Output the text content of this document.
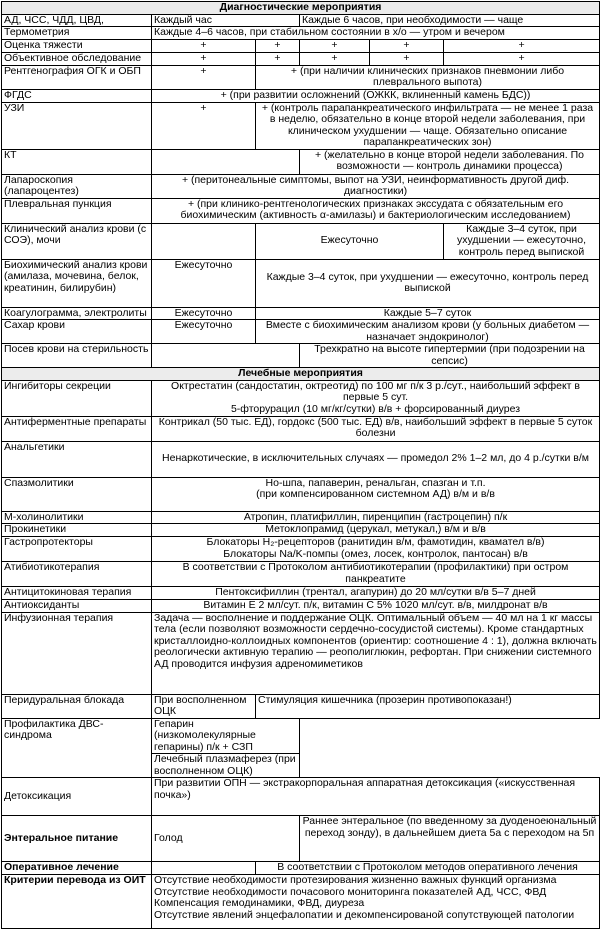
Диагностические мероприятия					
АД, ЧСС, ЧДД, ЦВД,	Каждый час		Каждые 6 часов, при необходимости — чаще		
Термометрия	Каждые 4–6 часов, при стабильном состоянии в х/о — утром и вечером				
Оценка тяжести	+	+	+	+	+
Объективное обследование	+	+	+	+	+
Рентгенография ОГК и ОБП	+	+ (при наличии клинических признаков пневмонии либо плеврального выпота)			
ФГДС	+ (при развитии осложнений (ОЖКК, вклиненный камень БДС))				
УЗИ	+	+ (контроль парапанкреатического инфильтрата — не менее 1 раза в неделю, обязательно в конце второй недели заболевания, при клиническом ухудшении — чаще. Обязательно описание парапанкреатических зон)			
КТ			+ (желательно в конце второй недели заболевания. По возможности — контроль динамики процесса)		
Лапароскопия (лапароцентез)	+ (перитонеальные симптомы, выпот на УЗИ, неинформативность другой диф. диагностики)				
Плевральная пункция	+ (при клинико-рентгенологических признаках экссудата с обязательным его биохимическим (активность α-амилазы) и бактериологическим исследованием)				
Клинический анализ крови (с СОЭ), мочи		Ежесуточно			Каждые 3–4 суток, при ухудшении — ежесуточно, контроль перед выпиской
Биохимический анализ крови (амилаза, мочевина, белок, креатинин, билирубин)	Ежесуточно	Каждые 3–4 суток, при ухудшении — ежесуточно, контроль перед выпиской			
Коагулограмма, электролиты	Ежесуточно	Каждые 5–7 суток			
Сахар крови	Ежесуточно	Вместе с биохимическим анализом крови (у больных диабетом — назначает эндокринолог)			
Посев крови на стерильность			Трехкратно на высоте гипертермии (при подозрении на сепсис)		
Лечебные мероприятия					
Ингибиторы секреции	Октрестатин (сандостатин, октреотид) по 100 мг п/к 3 р./сут., наибольший эффект в первые 5 сут.
5-фторурацил (10 мг/кг/сутки) в/в + форсированный диурез				
Антиферментные препараты	Контрикал (50 тыс. ЕД), гордокс (500 тыс. ЕД) в/в, наибольший эффект в первые 5 суток болезни				
Анальгетики	Ненаркотические, в исключительных случаях — промедол 2% 1–2 мл, до 4 р./сутки в/м				
Спазмолитики	Но-шпа, папаверин, ренальган, спазган и т.п.
(при компенсированном системном АД) в/м и в/в				
М-холинолитики	Атропин, платифиллин, пиренципин (гастроцепин) п/к				
Прокинетики	Метоклопрамид (церукал, метукал,) в/м и в/в				
Гастропротекторы	Блокаторы H₂-рецепторов (ранитидин в/м, фамотидин, квамател в/в)
Блокаторы Na/K-помпы (омез, лосек, контролок, пантосан) в/в				
Атибиотикотерапия	В соответствии с Протоколом антибиотикотерапии (профилактики) при остром панкреатите				
Антицитокиновая терапия	Пентоксифиллин (трентал, агапурин) до 20 мл/сутки в/в 5–7 дней				
Антиоксиданты	Витамин Е 2 мл/сут. п/к, витамин С 5% 1020 мл/сут. в/в, милдронат в/в				
Инфузионная терапия	Задача — восполнение и поддержание ОЦК. Оптимальный объем — 40 мл на 1 кг массы тела (если позволяют возможности сердечно-сосудистой системы). Кроме стандартных кристаллоидно-коллоидных компонентов (ориентир: соотношение 4 : 1), должна включать реологически активную терапию — реополиглюкин, рефортан. При снижении системного АД проводится инфузия адреномиметиков				
Перидуральная блокада	При восполненном ОЦК	Стимуляция кишечника (прозерин противопоказан!)			
Профилактика ДВС-синдрома	Гепарин (низкомолекулярные гепарины) п/к + СЗП				
	Лечебный плазмаферез (при восполненном ОЦК)				
Детоксикация	При развитии ОПН — экстракорпоральная аппаратная детоксикация («искусственная почка»)				
Энтеральное питание	Голод		Раннее энтеральное (по введенному за дуоденоеюнальный переход зонду), в дальнейшем диета 5а с переходом на 5п		
Оперативное лечение		В соответствии с Протоколом методов оперативного лечения			
Критерии перевода из ОИТ	Отсутствие необходимости протезирования жизненно важных функций организма
Отсутствие необходимости почасового мониторинга показателей АД, ЧСС, ФВД
Компенсация гемодинамики, ФВД, диуреза
Отсутствие явлений энцефалопатии и декомпенсированой сопутствующей патологии				
